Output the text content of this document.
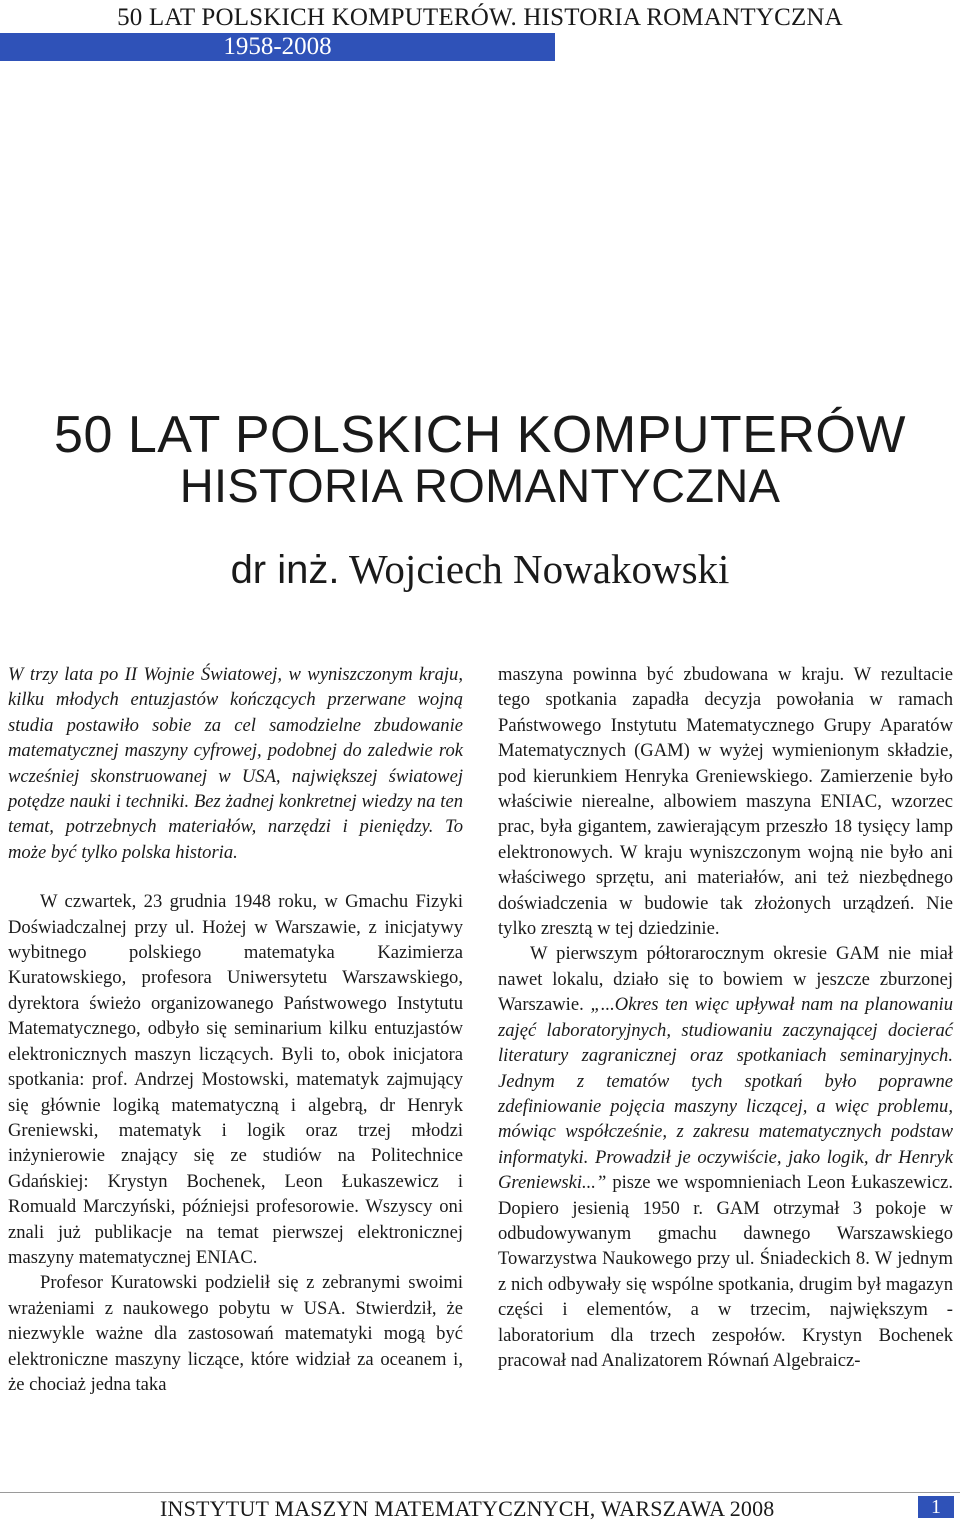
50 LAT POLSKICH KOMPUTERÓW. HISTORIA ROMANTYCZNA
1958-2008
50 LAT POLSKICH KOMPUTERÓW
HISTORIA ROMANTYCZNA
dr inż. Wojciech Nowakowski

W trzy lata po II Wojnie Światowej, w wyniszczonym kraju, kilku młodych entuzjastów kończących przerwane wojną studia postawiło sobie za cel samodzielne zbudowanie matematycznej maszyny cyfrowej, podobnej do zaledwie rok wcześniej skonstruowanej w USA, największej światowej potędze nauki i techniki. Bez żadnej konkretnej wiedzy na ten temat, potrzebnych materiałów, narzędzi i pieniędzy. To może być tylko polska historia.

W czwartek, 23 grudnia 1948 roku, w Gmachu Fizyki Doświadczalnej przy ul. Hożej w Warszawie, z inicjatywy wybitnego polskiego matematyka Kazimierza Kuratowskiego, profesora Uniwersytetu Warszawskiego, dyrektora świeżo organizowanego Państwowego Instytutu Matematycznego, odbyło się seminarium kilku entuzjastów elektronicznych maszyn liczących. Byli to, obok inicjatora spotkania: prof. Andrzej Mostowski, matematyk zajmujący się głównie logiką matematyczną i algebrą, dr Henryk Greniewski, matematyk i logik oraz trzej młodzi inżynierowie znający się ze studiów na Politechnice Gdańskiej: Krystyn Bochenek, Leon Łukaszewicz i Romuald Marczyński, późniejsi profesorowie. Wszyscy oni znali już publikacje na temat pierwszej elektronicznej maszyny matematycznej ENIAC.

Profesor Kuratowski podzielił się z zebranymi swoimi wrażeniami z naukowego pobytu w USA. Stwierdził, że niezwykle ważne dla zastosowań matematyki mogą być elektroniczne maszyny liczące, które widział za oceanem i, że chociaż jedna taka

maszyna powinna być zbudowana w kraju. W rezultacie tego spotkania zapadła decyzja powołania w ramach Państwowego Instytutu Matematycznego Grupy Aparatów Matematycznych (GAM) w wyżej wymienionym składzie, pod kierunkiem Henryka Greniewskiego. Zamierzenie było właściwie nierealne, albowiem maszyna ENIAC, wzorzec prac, była gigantem, zawierającym przeszło 18 tysięcy lamp elektronowych. W kraju wyniszczonym wojną nie było ani właściwego sprzętu, ani materiałów, ani też niezbędnego doświadczenia w budowie tak złożonych urządzeń. Nie tylko zresztą w tej dziedzinie.

W pierwszym półtorarocznym okresie GAM nie miał nawet lokalu, działo się to bowiem w jeszcze zburzonej Warszawie. „...Okres ten więc upływał nam na planowaniu zajęć laboratoryjnych, studiowaniu zaczynającej docierać literatury zagranicznej oraz spotkaniach seminaryjnych. Jednym z tematów tych spotkań było poprawne zdefiniowanie pojęcia maszyny liczącej, a więc problemu, mówiąc współcześnie, z zakresu matematycznych podstaw informatyki. Prowadził je oczywiście, jako logik, dr Henryk Greniewski...” pisze we wspomnieniach Leon Łukaszewicz. Dopiero jesienią 1950 r. GAM otrzymał 3 pokoje w odbudowywanym gmachu dawnego Warszawskiego Towarzystwa Naukowego przy ul. Śniadeckich 8. W jednym z nich odbywały się wspólne spotkania, drugim był magazyn części i elementów, a w trzecim, największym - laboratorium dla trzech zespołów. Krystyn Bochenek pracował nad Analizatorem Równań Algebraicz-

INSTYTUT MASZYN MATEMATYCZNYCH, WARSZAWA 2008	1
